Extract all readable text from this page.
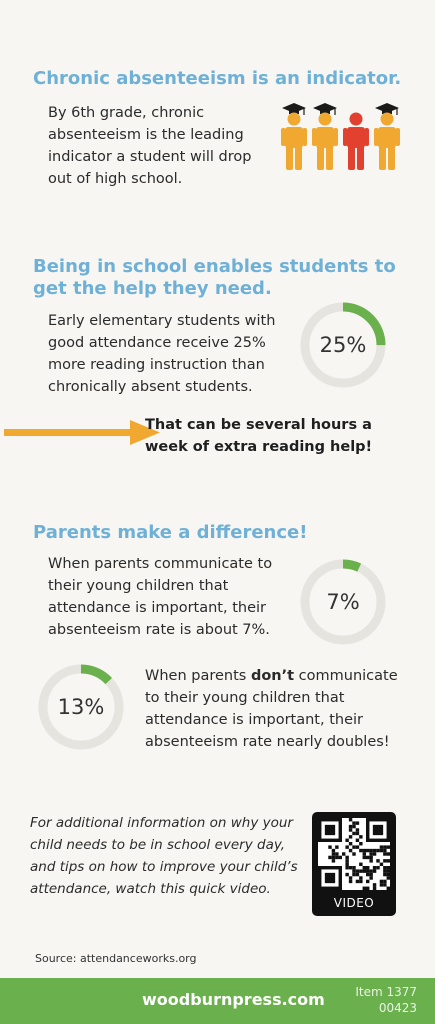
Chronic absenteeism is an indicator.

By 6th grade, chronic absenteeism is the leading indicator a student will drop out of high school.

Being in school enables students to get the help they need.

Early elementary students with good attendance receive 25% more reading instruction than chronically absent students.

25%

That can be several hours a week of extra reading help!

Parents make a difference!

When parents communicate to their young children that attendance is important, their absenteeism rate is about 7%.

7%
13%

When parents don’t communicate to their young children that attendance is important, their absenteeism rate nearly doubles!

For additional information on why your child needs to be in school every day, and tips on how to improve your child’s attendance, watch this quick video.

VIDEO

Source: attendanceworks.org

woodburnpress.com	Item 1377
00423
